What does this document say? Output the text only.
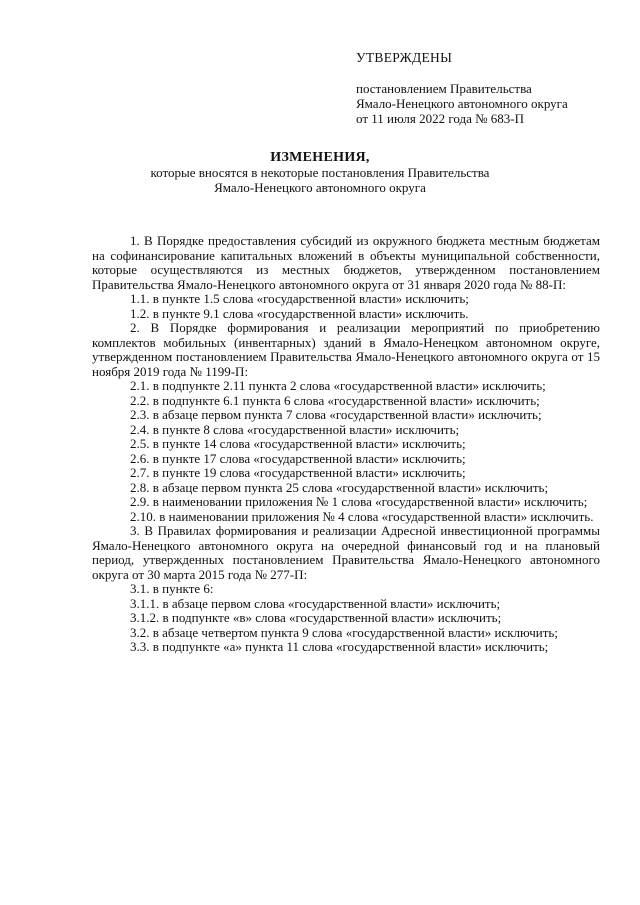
УТВЕРЖДЕНЫ
постановлением Правительства
Ямало-Ненецкого автономного округа
от 11 июля 2022 года № 683-П
ИЗМЕНЕНИЯ,
которые вносятся в некоторые постановления Правительства
Ямало-Ненецкого автономного округа

1. В Порядке предоставления субсидий из окружного бюджета местным бюджетам на софинансирование капитальных вложений в объекты муниципальной собственности, которые осуществляются из местных бюджетов, утвержденном постановлением Правительства Ямало-Ненецкого автономного округа от 31 января 2020 года № 88-П:

1.1. в пункте 1.5 слова «государственной власти» исключить;

1.2. в пункте 9.1 слова «государственной власти» исключить.

2. В Порядке формирования и реализации мероприятий по приобретению комплектов мобильных (инвентарных) зданий в Ямало-Ненецком автономном округе, утвержденном постановлением Правительства Ямало-Ненецкого автономного округа от 15 ноября 2019 года № 1199-П:

2.1. в подпункте 2.11 пункта 2 слова «государственной власти» исключить;

2.2. в подпункте 6.1 пункта 6 слова «государственной власти» исключить;

2.3. в абзаце первом пункта 7 слова «государственной власти» исключить;

2.4. в пункте 8 слова «государственной власти» исключить;

2.5. в пункте 14 слова «государственной власти» исключить;

2.6. в пункте 17 слова «государственной власти» исключить;

2.7. в пункте 19 слова «государственной власти» исключить;

2.8. в абзаце первом пункта 25 слова «государственной власти» исключить;

2.9. в наименовании приложения № 1 слова «государственной власти» исключить;

2.10. в наименовании приложения № 4 слова «государственной власти» исключить.

3. В Правилах формирования и реализации Адресной инвестиционной программы Ямало-Ненецкого автономного округа на очередной финансовый год и на плановый период, утвержденных постановлением Правительства Ямало-Ненецкого автономного округа от 30 марта 2015 года № 277-П:

3.1. в пункте 6:

3.1.1. в абзаце первом слова «государственной власти» исключить;

3.1.2. в подпункте «в» слова «государственной власти» исключить;

3.2. в абзаце четвертом пункта 9 слова «государственной власти» исключить;

3.3. в подпункте «а» пункта 11 слова «государственной власти» исключить;
